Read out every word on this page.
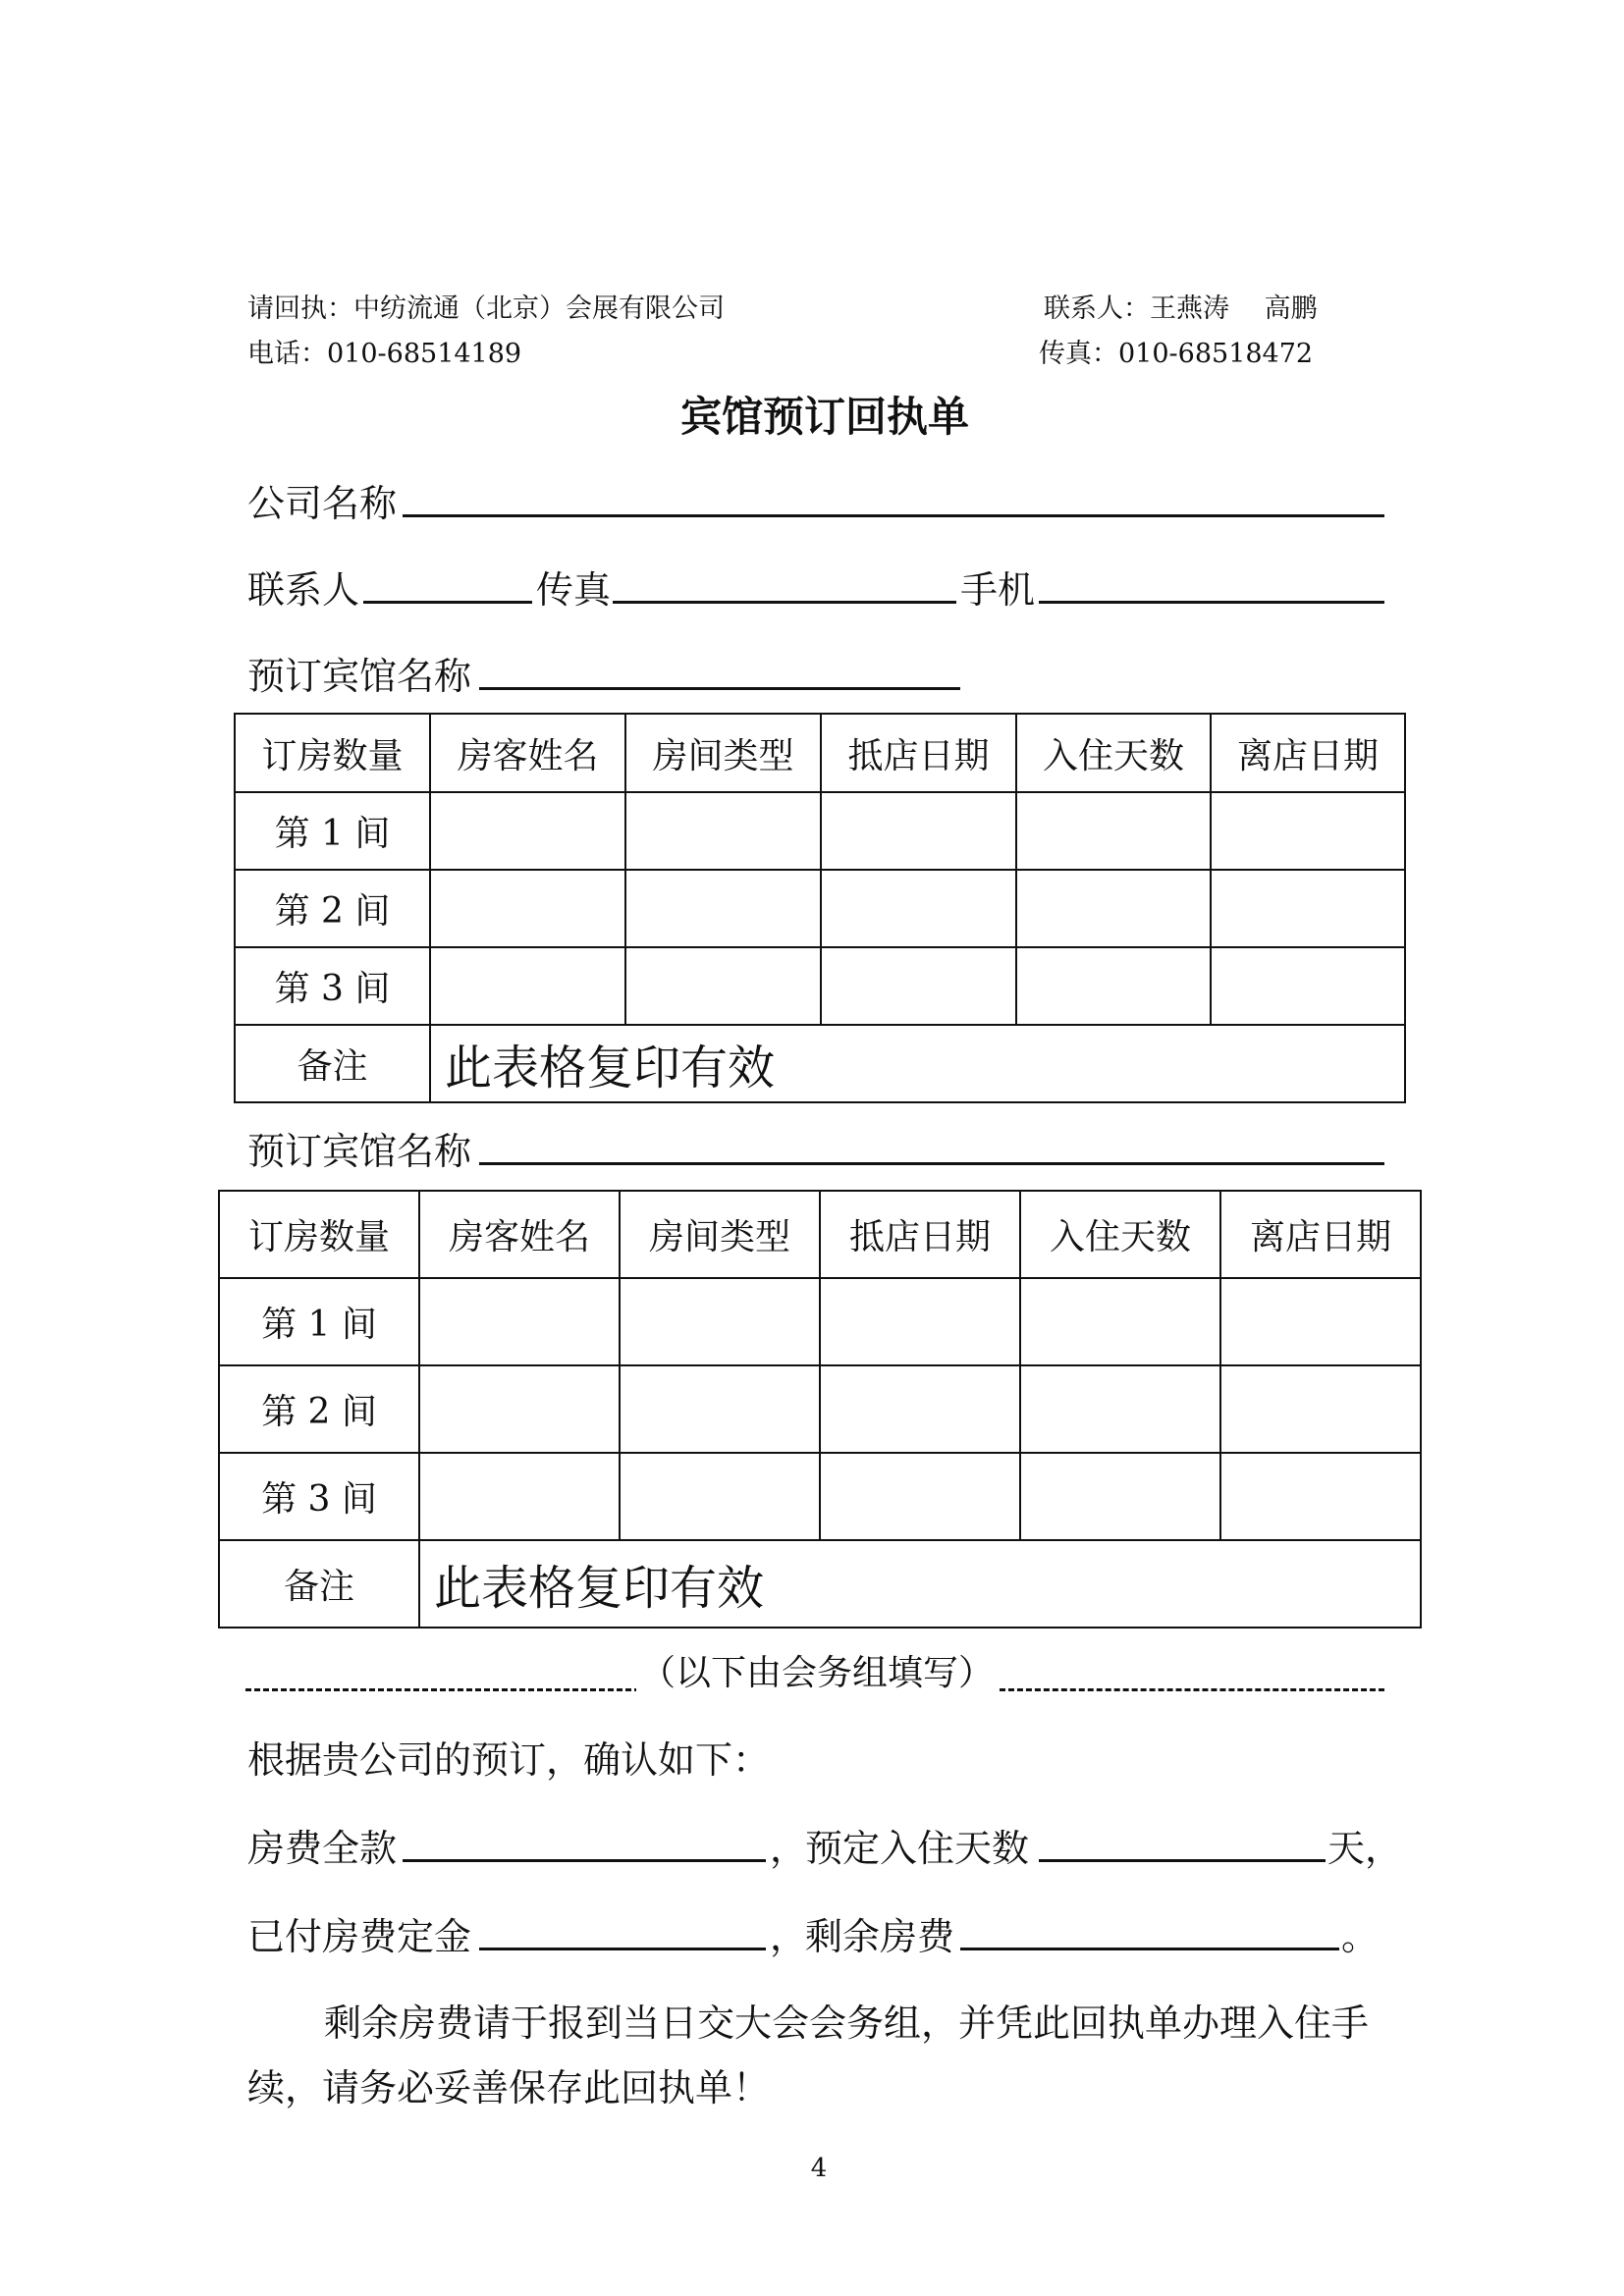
请回执：中纺流通（北京）会展有限公司	联系人：王燕涛　 高鹏
电话：010-68514189	传真：010-68518472
宾馆预订回执单
公司名称
联系人	传真	手机
预订宾馆名称
订房数量	房客姓名	房间类型	抵店日期	入住天数	离店日期
第 1 间					
第 2 间					
第 3 间					
备注	此表格复印有效				
预订宾馆名称
订房数量	房客姓名	房间类型	抵店日期	入住天数	离店日期
第 1 间					
第 2 间					
第 3 间					
备注	此表格复印有效				
（以下由会务组填写）
根据贵公司的预订，确认如下：
房费全款	，
预定入住天数	天，
已付房费定金	，
剩余房费	。
剩余房费请于报到当日交大会会务组，并凭此回执单办理入住手
续，请务必妥善保存此回执单！
4
